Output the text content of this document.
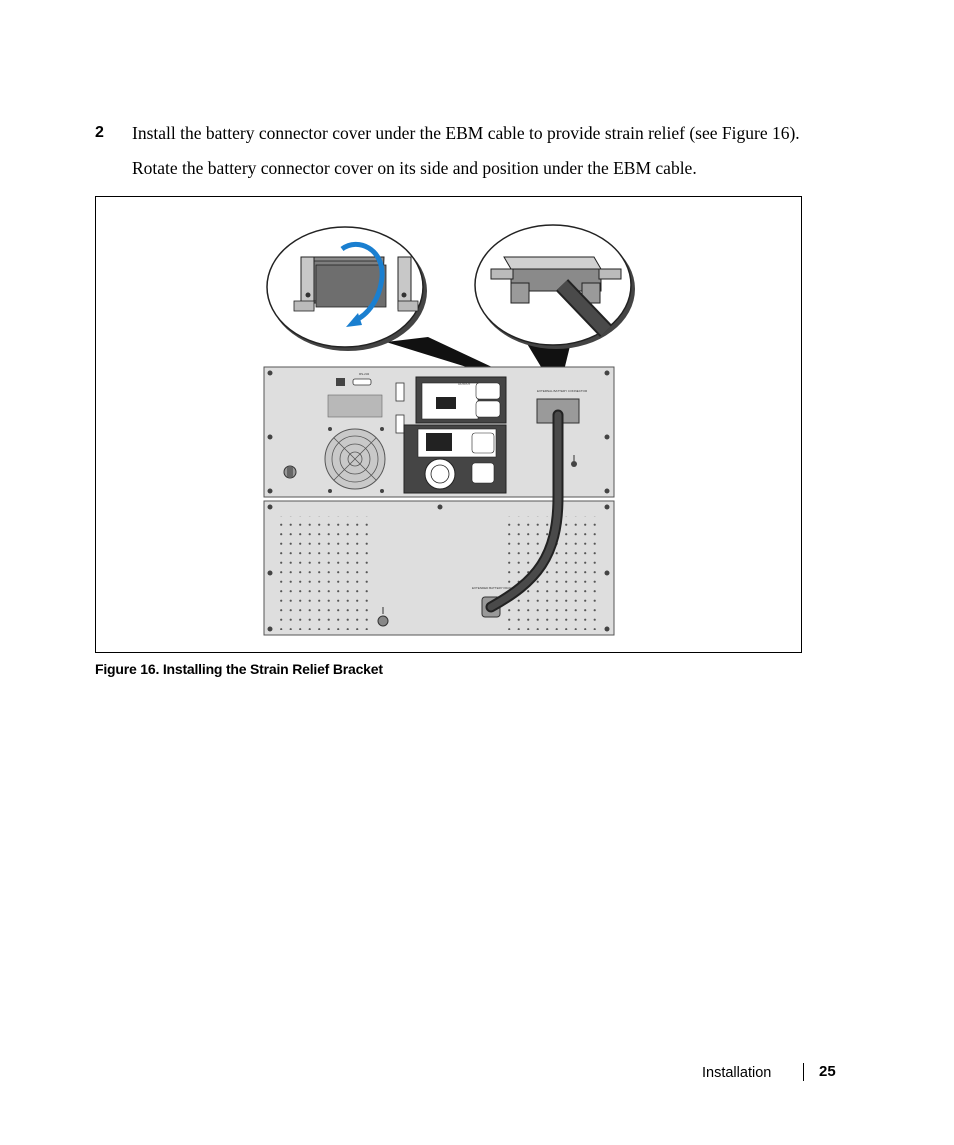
2 Install the battery connector cover under the EBM cable to provide strain relief (see Figure 16).
Rotate the battery connector cover on its side and position under the EBM cable.
RS-232
OUTPUT
EXTERNAL BATTERY CONNECTOR
EXTENDED BATTERY PACK GROUND
Figure 16. Installing the Strain Relief Bracket
Installation	25
